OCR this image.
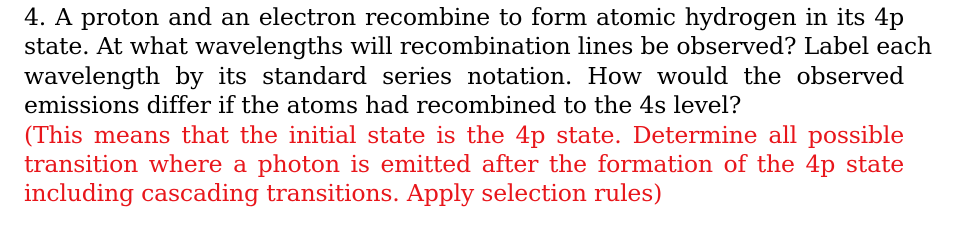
4. A proton and an electron recombine to form atomic hydrogen in its 4p
state. At what wavelengths will recombination lines be observed? Label each
wavelength by its standard series notation. How would the observed
emissions differ if the atoms had recombined to the 4s level?
(This means that the initial state is the 4p state. Determine all possible
transition where a photon is emitted after the formation of the 4p state
including cascading transitions. Apply selection rules)
